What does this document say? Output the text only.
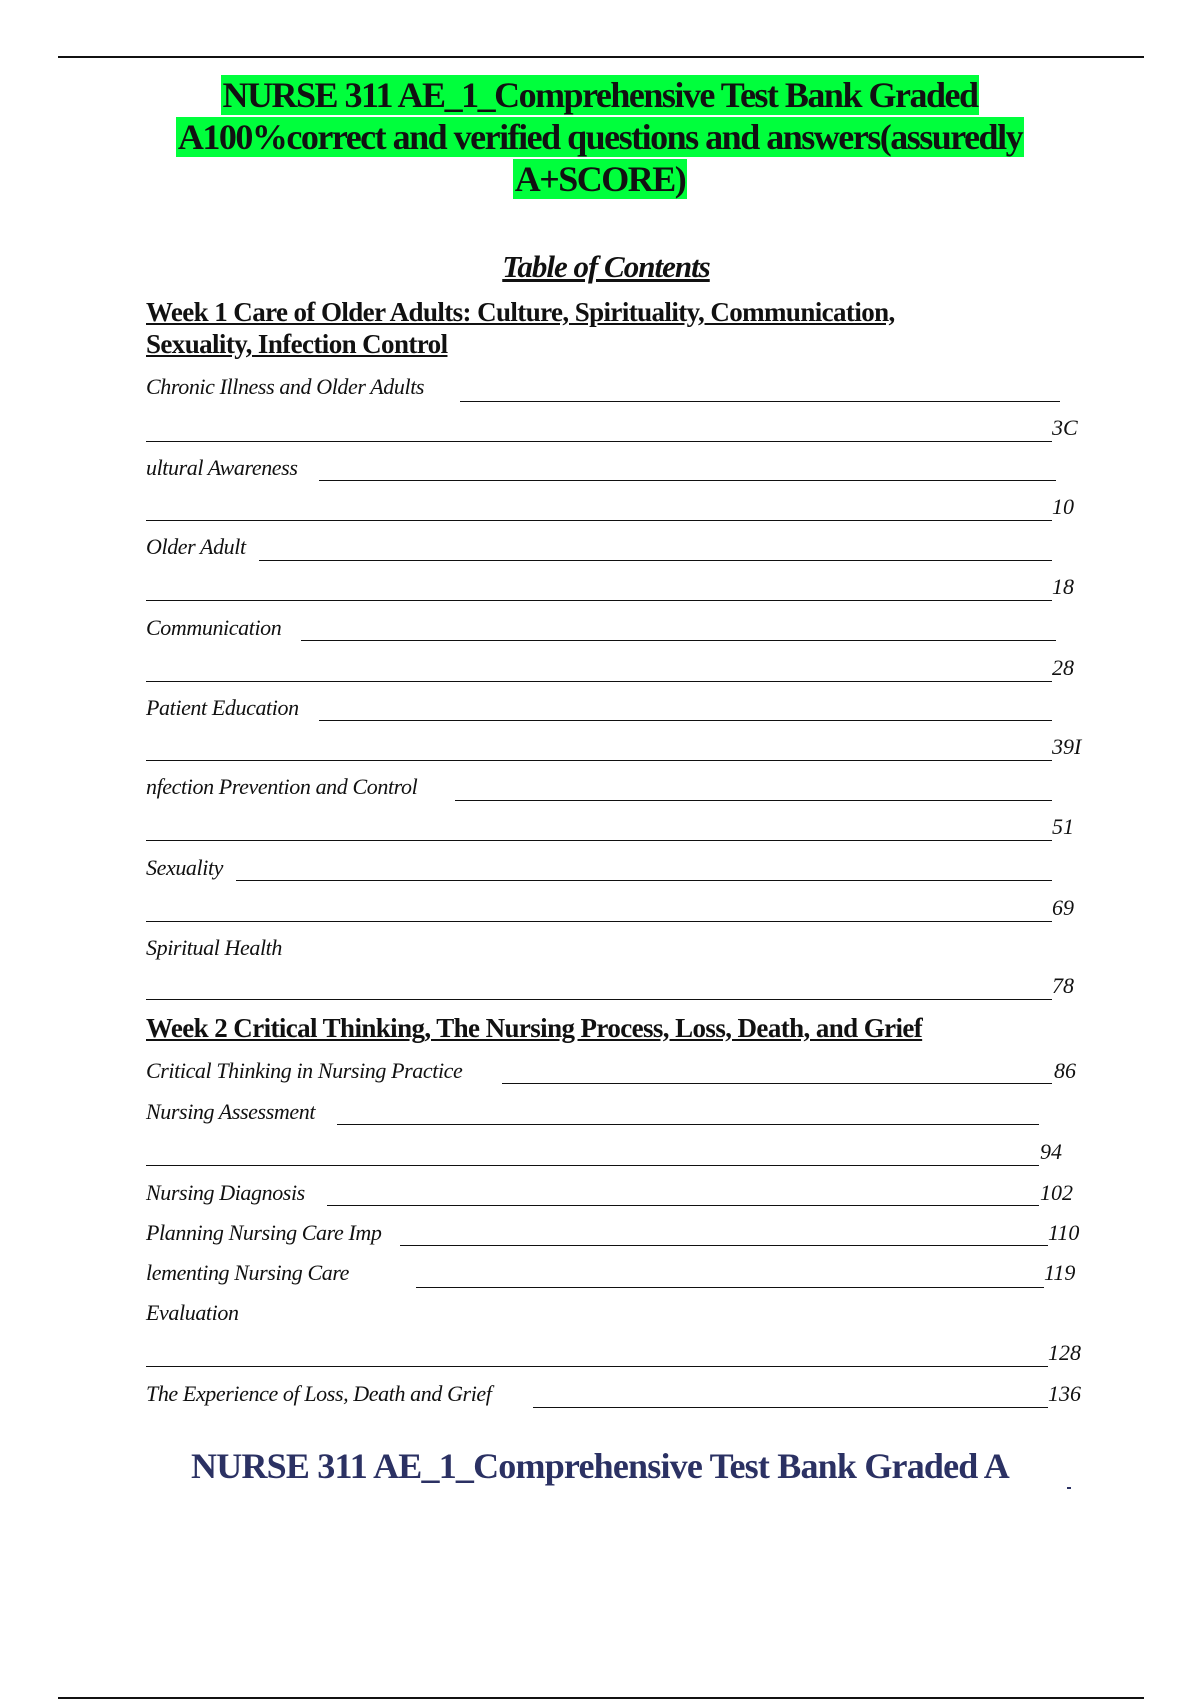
NURSE 311 AE_1_Comprehensive Test Bank Graded
A100%correct and verified questions and answers(assuredly
A+SCORE)
Table of Contents
Week 1 Care of Older Adults: Culture, Spirituality, Communication,
Sexuality, Infection Control
Chronic Illness and Older Adults
3C
ultural Awareness
10
Older Adult
18
Communication
28
Patient Education
39I
nfection Prevention and Control
51
Sexuality
69
Spiritual Health
78
Week 2 Critical Thinking, The Nursing Process, Loss, Death, and Grief
Critical Thinking in Nursing Practice	86
Nursing Assessment
94
Nursing Diagnosis	102
Planning Nursing Care Imp	110
lementing Nursing Care	119
Evaluation
128
The Experience of Loss, Death and Grief	136
NURSE 311 AE_1_Comprehensive Test Bank Graded A
